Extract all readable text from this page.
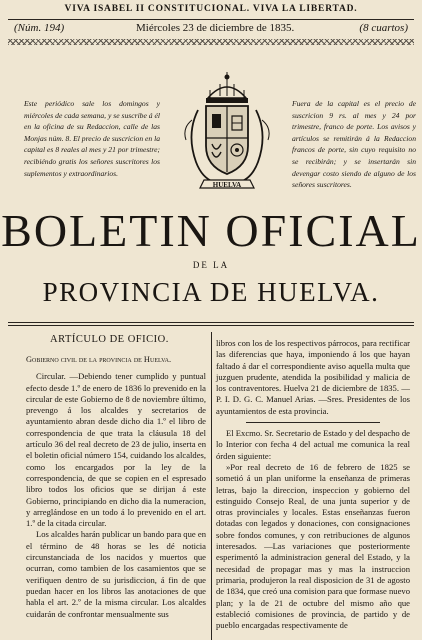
VIVA ISABEL II CONSTITUCIONAL. VIVA LA LIBERTAD.
(Núm. 194)	Miércoles 23 de diciembre de 1835.	(8 cuartos)
Este periódico sale los domingos y miércoles de cada semana, y se suscribe á él en la oficina de su Redaccion, calle de las Monjas núm. 8. El precio de suscricion en la capital es 8 reales al mes y 21 por trimestre; recibiéndo gratis los señores suscritores los suplementos y extraordinarios.
HUELVA
Fuera de la capital es el precio de suscricion 9 rs. al mes y 24 por trimestre, franco de porte. Los avisos y artículos se remitirán á la Redaccion francos de porte, sin cuyo requisito no se recibirán; y se insertarán sin devengar costo siendo de alguno de los señores suscritores.
BOLETIN OFICIAL
DE LA
PROVINCIA DE HUELVA.
ARTÍCULO DE OFICIO.

Gobierno civil de la provincia de Huelva.

Circular. —Debiendo tener cumplido y puntual efecto desde 1.º de enero de 1836 lo prevenido en la circular de este Gobierno de 8 de noviembre último, prevengo á los alcaldes y secretarios de ayuntamiento abran desde dicho dia 1.º el libro de correspondencia de que trata la cláusula 18 del artículo 36 del real decreto de 23 de julio, inserta en el boletin oficial número 154, cuidando los alcaldes, como los encargados por la ley de la correspondencia, de que se copien en el espresado libro todos los oficios que se dirijan á este Gobierno, principiando en dicho dia la numeracion, y arreglándose en un todo á lo prevenido en el art. 1.º de la citada circular.

Los alcaldes harán publicar un bando para que en el término de 48 horas se les dé noticia circunstanciada de los nacidos y muertos que ocurran, como tambien de los casamientos que se verifiquen dentro de su jurisdiccion, á fin de que puedan hacer en los libros las anotaciones de que habla el art. 2.º de la misma circular. Los alcaldes cuidarán de confrontar mensualmente sus

libros con los de los respectivos párrocos, para rectificar las diferencias que haya, imponiendo á los que hayan faltado á dar el correspondiente aviso aquella multa que juzguen prudente, atendida la posibilidad y malicia de los contraventores. Huelva 21 de diciembre de 1835. —P. I. D. G. C. Manuel Arias. —Sres. Presidentes de los ayuntamientos de esta provincia.

El Excmo. Sr. Secretario de Estado y del despacho de lo Interior con fecha 4 del actual me comunica la real órden siguiente:

»Por real decreto de 16 de febrero de 1825 se sometió á un plan uniforme la enseñanza de primeras letras, bajo la direccion, inspeccion y gobierno del estinguido Consejo Real, de una junta superior y de otras provinciales y locales. Estas enseñanzas fueron dotadas con legados y donaciones, con consignaciones sobre fondos comunes, y con retribuciones de algunos interesados. —Las variaciones que posteriormente esperimentó la administracion general del Estado, y la necesidad de propagar mas y mas la instruccion primaria, produjeron la real disposicion de 31 de agosto de 1834, que creó una comision para que formase nuevo plan; y la de 21 de octubre del mismo año que estableció comisiones de provincia, de partido y de pueblo encargadas respectivamente de
